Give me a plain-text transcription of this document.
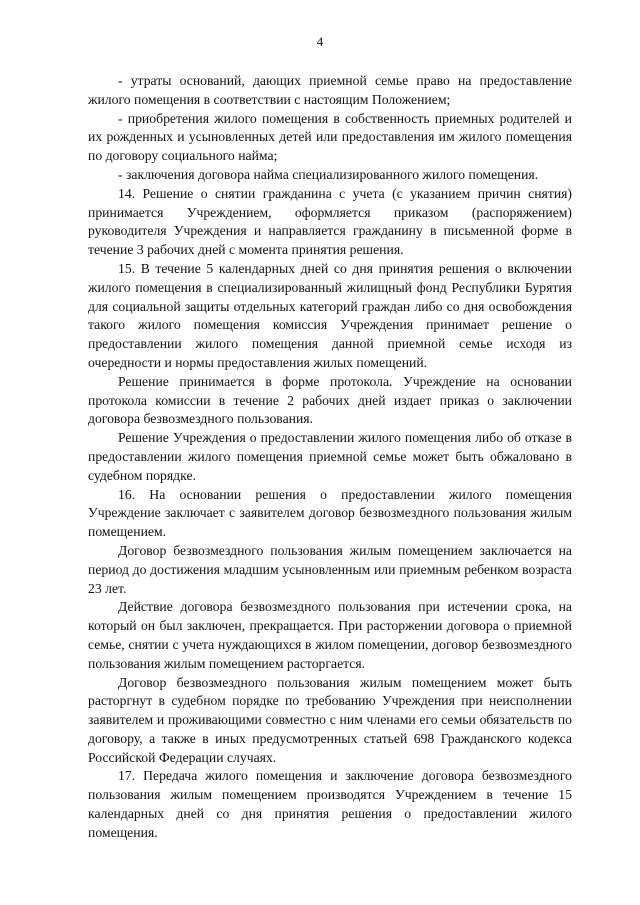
4

- утраты оснований, дающих приемной семье право на предоставление жилого помещения в соответствии с настоящим Положением;

- приобретения жилого помещения в собственность приемных родителей и их рожденных и усыновленных детей или предоставления им жилого помещения по договору социального найма;

- заключения договора найма специализированного жилого помещения.

14. Решение о снятии гражданина с учета (с указанием причин снятия) принимается Учреждением, оформляется приказом (распоряжением) руководителя Учреждения и направляется гражданину в письменной форме в течение 3 рабочих дней с момента принятия решения.

15. В течение 5 календарных дней со дня принятия решения о включении жилого помещения в специализированный жилищный фонд Республики Бурятия для социальной защиты отдельных категорий граждан либо со дня освобождения такого жилого помещения комиссия Учреждения принимает решение о предоставлении жилого помещения данной приемной семье исходя из очередности и нормы предоставления жилых помещений.

Решение принимается в форме протокола. Учреждение на основании протокола комиссии в течение 2 рабочих дней издает приказ о заключении договора безвозмездного пользования.

Решение Учреждения о предоставлении жилого помещения либо об отказе в предоставлении жилого помещения приемной семье может быть обжаловано в судебном порядке.

16. На основании решения о предоставлении жилого помещения Учреждение заключает с заявителем договор безвозмездного пользования жилым помещением.

Договор безвозмездного пользования жилым помещением заключается на период до достижения младшим усыновленным или приемным ребенком возраста 23 лет.

Действие договора безвозмездного пользования при истечении срока, на который он был заключен, прекращается. При расторжении договора о приемной семье, снятии с учета нуждающихся в жилом помещении, договор безвозмездного пользования жилым помещением расторгается.

Договор безвозмездного пользования жилым помещением может быть расторгнут в судебном порядке по требованию Учреждения при неисполнении заявителем и проживающими совместно с ним членами его семьи обязательств по договору, а также в иных предусмотренных статьей 698 Гражданского кодекса Российской Федерации случаях.

17. Передача жилого помещения и заключение договора безвозмездного пользования жилым помещением производятся Учреждением в течение 15 календарных дней со дня принятия решения о предоставлении жилого помещения.
